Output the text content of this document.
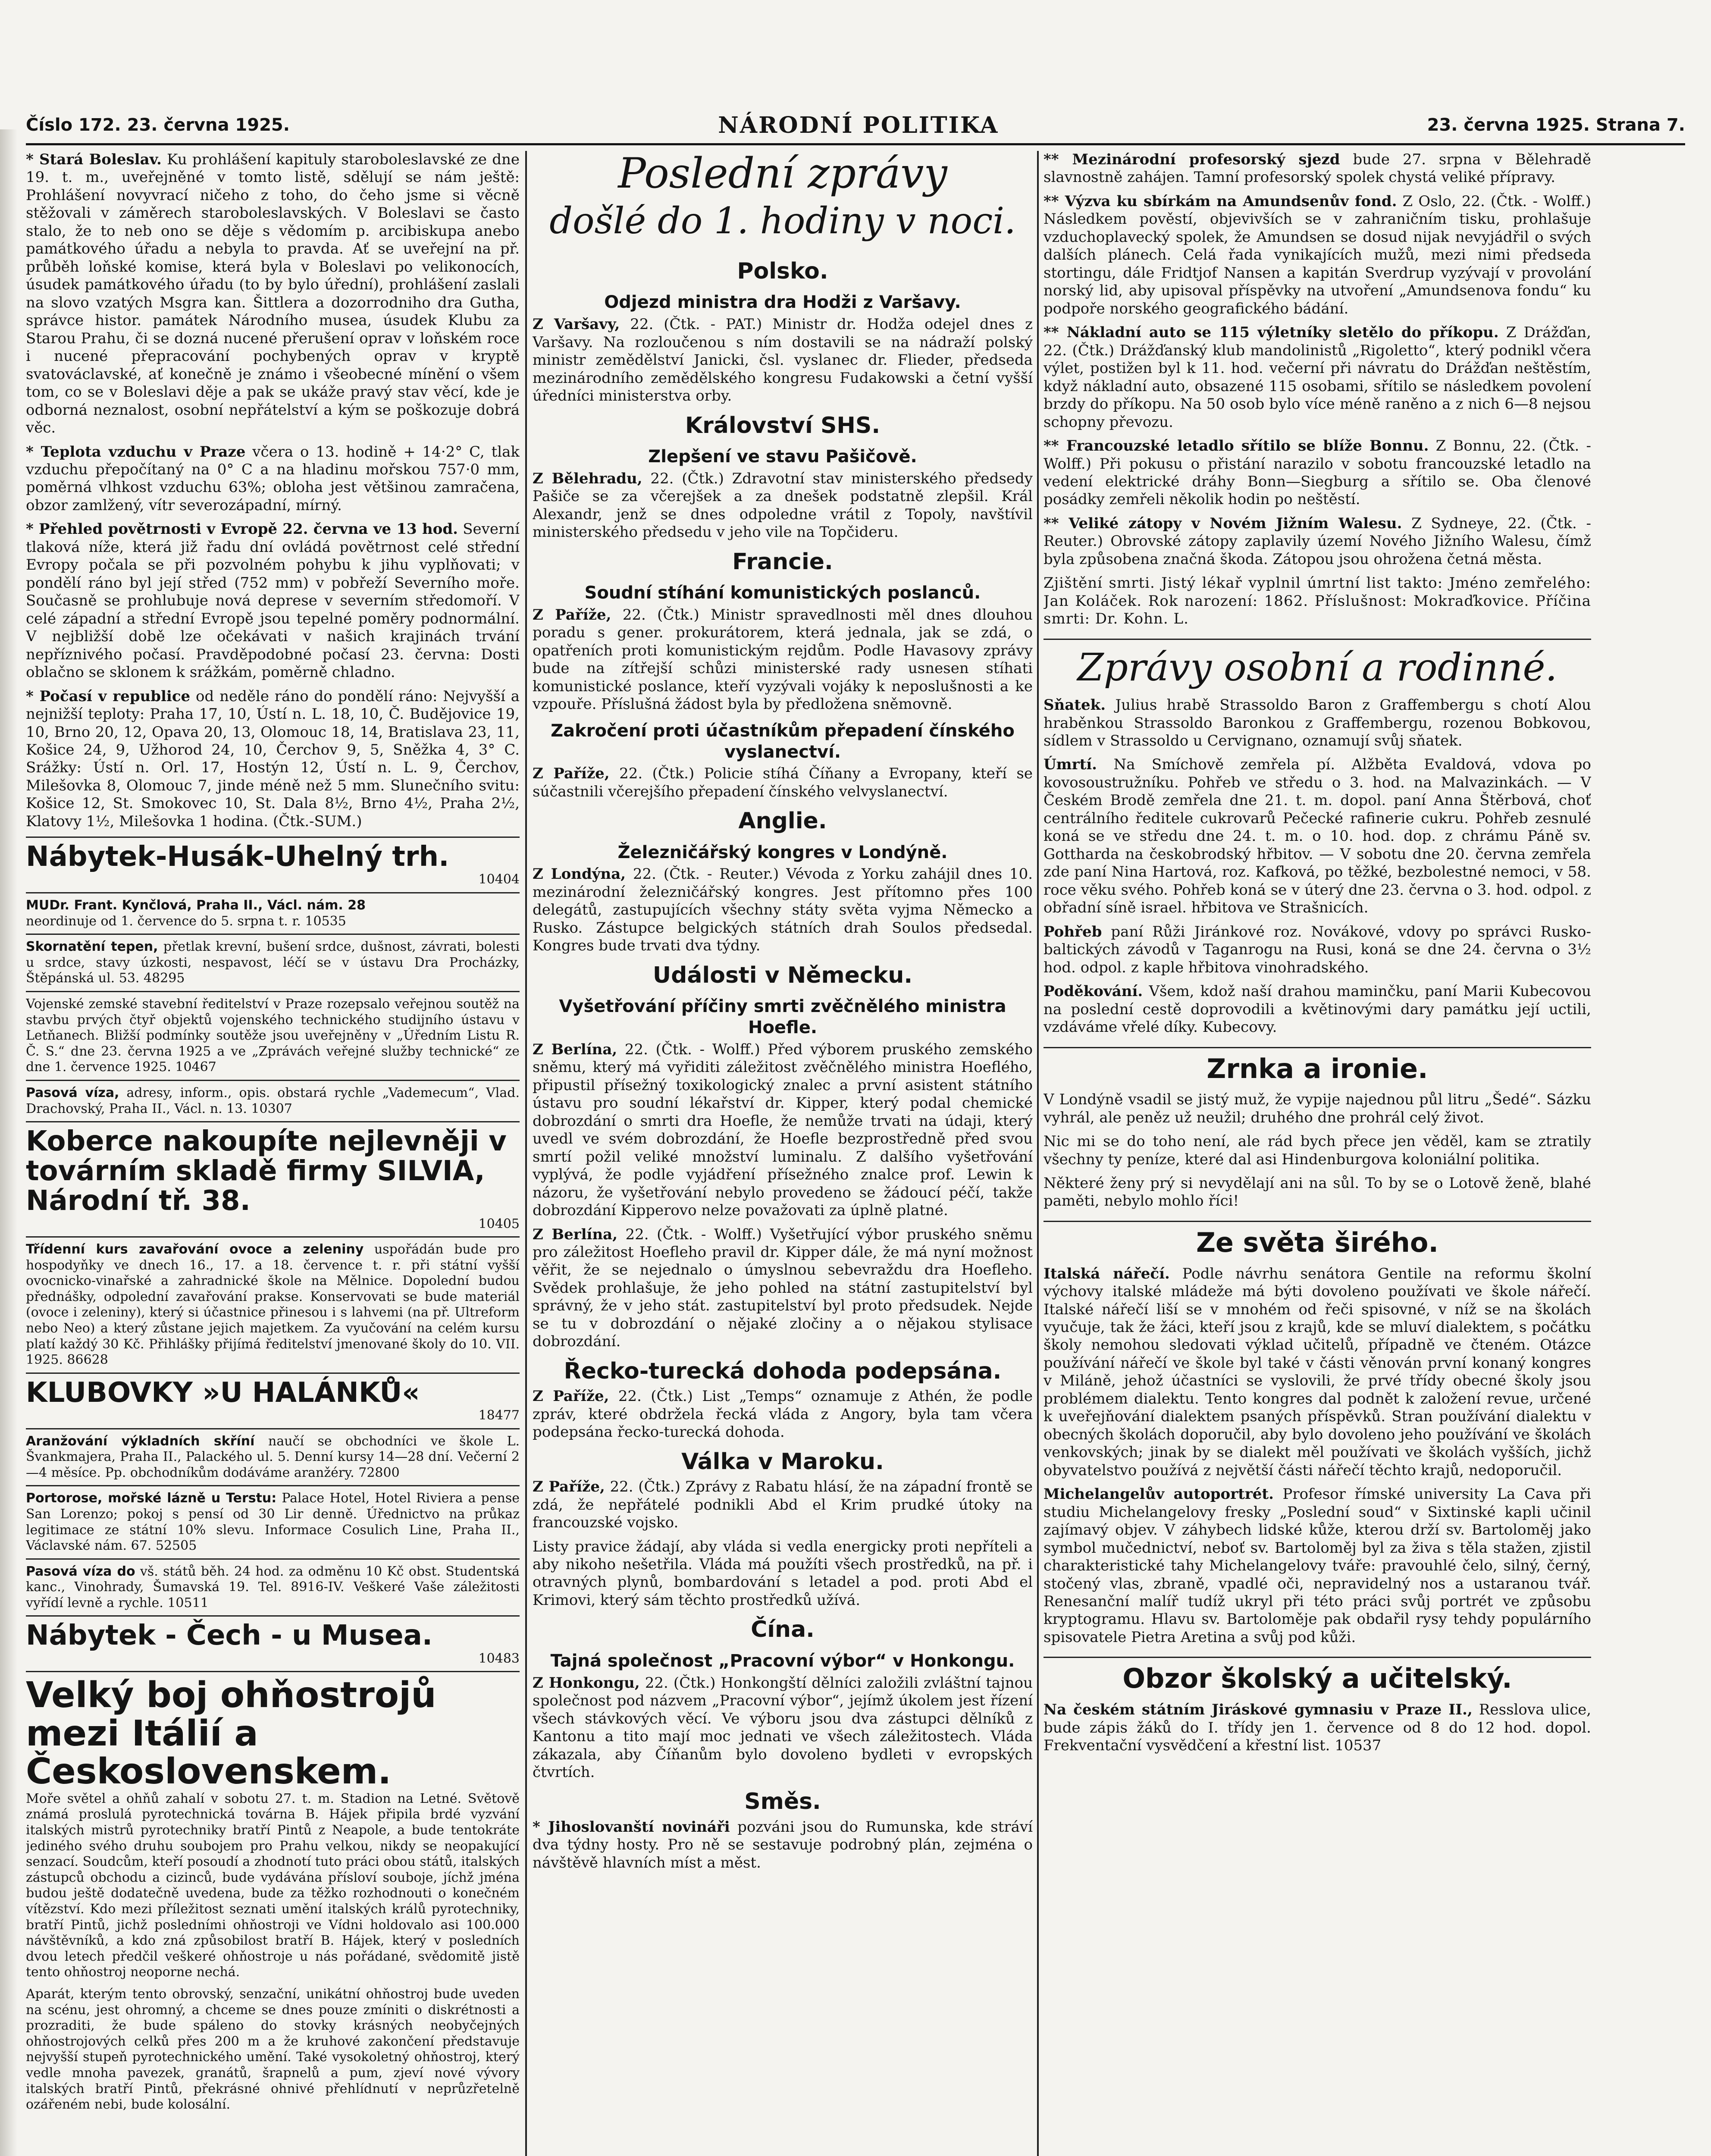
Číslo 172. 23. června 1925.	NÁRODNÍ POLITIKA	23. června 1925. Strana 7.

* Stará Boleslav. Ku prohlášení kapituly staroboleslavské ze dne 19. t. m., uveřejněné v tomto listě, sdělují se nám ještě: Prohlášení novyvrací ničeho z toho, do čeho jsme si věcně stěžovali v záměrech staroboleslavských. V Boleslavi se často stalo, že to neb ono se děje s vědomím p. arcibiskupa anebo památkového úřadu a nebyla to pravda. Ať se uveřejní na př. průběh loňské komise, která byla v Boleslavi po velikonocích, úsudek památkového úřadu (to by bylo úřední), prohlášení zaslali na slovo vzatých Msgra kan. Šittlera a dozorrodniho dra Gutha, správce histor. památek Národního musea, úsudek Klubu za Starou Prahu, či se dozná nucené přerušení oprav v loňském roce i nucené přepracování pochybených oprav v kryptě svatováclavské, ať konečně je známo i všeobecné mínění o všem tom, co se v Boleslavi děje a pak se ukáže pravý stav věcí, kde je odborná neznalost, osobní nepřátelství a kým se poškozuje dobrá věc.

* Teplota vzduchu v Praze včera o 13. hodině + 14·2° C, tlak vzduchu přepočítaný na 0° C a na hladinu mořskou 757·0 mm, poměrná vlhkost vzduchu 63%; obloha jest většinou zamračena, obzor zamlžený, vítr severozápadní, mírný.

* Přehled povětrnosti v Evropě 22. června ve 13 hod. Severní tlaková níže, která již řadu dní ovládá povětrnost celé střední Evropy počala se při pozvolném pohybu k jihu vyplňovati; v pondělí ráno byl její střed (752 mm) v pobřeží Severního moře. Současně se prohlubuje nová deprese v severním středomoří. V celé západní a střední Evropě jsou tepelné poměry podnormální. V nejbližší době lze očekávati v našich krajinách trvání nepříznivého počasí. Pravděpodobné počasí 23. června: Dosti oblačno se sklonem k srážkám, poměrně chladno.

* Počasí v republice od neděle ráno do pondělí ráno: Nejvyšší a nejnižší teploty: Praha 17, 10, Ústí n. L. 18, 10, Č. Budějovice 19, 10, Brno 20, 12, Opava 20, 13, Olomouc 18, 14, Bratislava 23, 11, Košice 24, 9, Užhorod 24, 10, Čerchov 9, 5, Sněžka 4, 3° C. Srážky: Ústí n. Orl. 17, Hostýn 12, Ústí n. L. 9, Čerchov, Milešovka 8, Olomouc 7, jinde méně než 5 mm. Slunečního svitu: Košice 12, St. Smokovec 10, St. Dala 8½, Brno 4½, Praha 2½, Klatovy 1½, Milešovka 1 hodina. (Čtk.-SUM.)

Nábytek-Husák-Uhelný trh.
10404
MUDr. Frant. Kynčlová, Praha II., Václ. nám. 28
neordinuje od 1. července do 5. srpna t. r. 10535
Skornatění tepen, přetlak krevní, bušení srdce, dušnost, závrati, bolesti u srdce, stavy úzkosti, nespavost, léčí se v ústavu Dra Procházky, Štěpánská ul. 53. 48295
Vojenské zemské stavební ředitelství v Praze rozepsalo veřejnou soutěž na stavbu prvých čtyř objektů vojenského technického studijního ústavu v Letňanech. Bližší podmínky soutěže jsou uveřejněny v „Úředním Listu R. Č. S.“ dne 23. června 1925 a ve „Zprávách veřejné služby technické“ ze dne 1. července 1925. 10467
Pasová víza, adresy, inform., opis. obstará rychle „Vademecum“, Vlad. Drachovský, Praha II., Václ. n. 13. 10307
Koberce nakoupíte nejlevněji v továrním skladě firmy SILVIA, Národní tř. 38.
10405
Třídenní kurs zavařování ovoce a zeleniny uspořádán bude pro hospodyňky ve dnech 16., 17. a 18. července t. r. při státní vyšší ovocnicko-vinařské a zahradnické škole na Mělnice. Dopolední budou přednášky, odpolední zavařování prakse. Konservovati se bude materiál (ovoce i zeleniny), který si účastnice přinesou i s lahvemi (na př. Ultreform nebo Neo) a který zůstane jejich majetkem. Za vyučování na celém kursu platí každý 30 Kč. Přihlášky přijímá ředitelství jmenované školy do 10. VII. 1925. 86628
KLUBOVKY »U HALÁNKŮ«
18477
Aranžování výkladních skříní naučí se obchodníci ve škole L. Švankmajera, Praha II., Palackého ul. 5. Denní kursy 14—28 dní. Večerní 2—4 měsíce. Pp. obchodníkům dodáváme aranžéry. 72800
Portorose, mořské lázně u Terstu: Palace Hotel, Hotel Riviera a pense San Lorenzo; pokoj s pensí od 30 Lir denně. Úřednictvo na průkaz legitimace ze státní 10% slevu. Informace Cosulich Line, Praha II., Václavské nám. 67. 52505
Pasová víza do vš. států běh. 24 hod. za odměnu 10 Kč obst. Studentská kanc., Vinohrady, Šumavská 19. Tel. 8916-IV. Veškeré Vaše záležitosti vyřídí levně a rychle. 10511
Nábytek - Čech - u Musea.
10483
Velký boj ohňostrojů mezi Itálií a Československem.

Moře světel a ohňů zahalí v sobotu 27. t. m. Stadion na Letné. Světově známá proslulá pyrotechnická továrna B. Hájek připila brdé vyzvání italských mistrů pyrotechniky bratří Pintů z Neapole, a bude tentokráte jediného svého druhu soubojem pro Prahu velkou, nikdy se neopakující senzací. Soudcům, kteří posoudí a zhodnotí tuto práci obou států, italských zástupců obchodu a cizinců, bude vydávána přísloví souboje, jíchž jména budou ještě dodatečně uvedena, bude za těžko rozhodnouti o konečném vítězství. Kdo mezi příležitost seznati umění italských králů pyrotechniky, bratří Pintů, jichž posledními ohňostroji ve Vídni holdovalo asi 100.000 návštěvníků, a kdo zná způsobilost bratří B. Hájek, který v posledních dvou letech předčil veškeré ohňostroje u nás pořádané, svědomitě jistě tento ohňostroj neoporne nechá.

Aparát, kterým tento obrovský, senzační, unikátní ohňostroj bude uveden na scénu, jest ohromný, a chceme se dnes pouze zmíniti o diskrétnosti a prozraditi, že bude spáleno do stovky krásných neobyčejných ohňostrojových celků přes 200 m a že kruhové zakončení představuje nejvyšší stupeň pyrotechnického umění. Také vysokoletný ohňostroj, který vedle mnoha pavezek, granátů, šrapnelů a pum, zjeví nové vývory italských bratří Pintů, překrásné ohnivé přehlídnutí v neprůzřetelně ozářeném nebi, bude kolosální.

Poslední zprávy
došlé do 1. hodiny v noci.
Polsko.
Odjezd ministra dra Hodži z Varšavy.

Z Varšavy, 22. (Čtk. - PAT.) Ministr dr. Hodža odejel dnes z Varšavy. Na rozloučenou s ním dostavili se na nádraží polský ministr zemědělství Janicki, čsl. vyslanec dr. Flieder, předseda mezinárodního zemědělského kongresu Fudakowski a četní vyšší úředníci ministerstva orby.

Království SHS.
Zlepšení ve stavu Pašičově.

Z Bělehradu, 22. (Čtk.) Zdravotní stav ministerského předsedy Pašiče se za včerejšek a za dnešek podstatně zlepšil. Král Alexandr, jenž se dnes odpoledne vrátil z Topoly, navštívil ministerského předsedu v jeho vile na Topčideru.

Francie.
Soudní stíhání komunistických poslanců.

Z Paříže, 22. (Čtk.) Ministr spravedlnosti měl dnes dlouhou poradu s gener. prokurátorem, která jednala, jak se zdá, o opatřeních proti komunistickým rejdům. Podle Havasovy zprávy bude na zítřejší schůzi ministerské rady usnesen stíhati komunistické poslance, kteří vyzývali vojáky k neposlušnosti a ke vzpouře. Příslušná žádost byla by předložena sněmovně.

Zakročení proti účastníkům přepadení čínského vyslanectví.

Z Paříže, 22. (Čtk.) Policie stíhá Číňany a Evropany, kteří se súčastnili včerejšího přepadení čínského velvyslanectví.

Anglie.
Železničářský kongres v Londýně.

Z Londýna, 22. (Čtk. - Reuter.) Vévoda z Yorku zahájil dnes 10. mezinárodní železničářský kongres. Jest přítomno přes 100 delegátů, zastupujících všechny státy světa vyjma Německo a Rusko. Zástupce belgických státních drah Soulos předsedal. Kongres bude trvati dva týdny.

Události v Německu.
Vyšetřování příčiny smrti zvěčnělého ministra Hoefle.

Z Berlína, 22. (Čtk. - Wolff.) Před výborem pruského zemského sněmu, který má vyřiditi záležitost zvěčnělého ministra Hoeflého, připustil přísežný toxikologický znalec a první asistent státního ústavu pro soudní lékařství dr. Kipper, který podal chemické dobrozdání o smrti dra Hoefle, že nemůže trvati na údaji, který uvedl ve svém dobrozdání, že Hoefle bezprostředně před svou smrtí požil veliké množství luminalu. Z dalšího vyšetřování vyplývá, že podle vyjádření přísežného znalce prof. Lewin k názoru, že vyšetřování nebylo provedeno se žádoucí péčí, takže dobrozdání Kipperovo nelze považovati za úplně platné.

Z Berlína, 22. (Čtk. - Wolff.) Vyšetřující výbor pruského sněmu pro záležitost Hoefleho pravil dr. Kipper dále, že má nyní možnost věřit, že se nejednalo o úmyslnou sebevraždu dra Hoefleho. Svědek prohlašuje, že jeho pohled na státní zastupitelství byl správný, že v jeho stát. zastupitelství byl proto předsudek. Nejde se tu v dobrozdání o nějaké zločiny a o nějakou stylisace dobrozdání.

Řecko-turecká dohoda podepsána.

Z Paříže, 22. (Čtk.) List „Temps“ oznamuje z Athén, že podle zpráv, které obdržela řecká vláda z Angory, byla tam včera podepsána řecko-turecká dohoda.

Válka v Maroku.

Z Paříže, 22. (Čtk.) Zprávy z Rabatu hlásí, že na západní frontě se zdá, že nepřátelé podnikli Abd el Krim prudké útoky na francouzské vojsko.

Listy pravice žádají, aby vláda si vedla energicky proti nepříteli a aby nikoho nešetřila. Vláda má použíti všech prostředků, na př. i otravných plynů, bombardování s letadel a pod. proti Abd el Krimovi, který sám těchto prostředků užívá.

Čína.
Tajná společnost „Pracovní výbor“ v Honkongu.

Z Honkongu, 22. (Čtk.) Honkongští dělníci založili zvláštní tajnou společnost pod názvem „Pracovní výbor“, jejímž úkolem jest řízení všech stávkových věcí. Ve výboru jsou dva zástupci dělníků z Kantonu a tito mají moc jednati ve všech záležitostech. Vláda zákazala, aby Číňanům bylo dovoleno bydleti v evropských čtvrtích.

Směs.

* Jihoslovanští novináři pozváni jsou do Rumunska, kde stráví dva týdny hosty. Pro ně se sestavuje podrobný plán, zejména o návštěvě hlavních míst a měst.

** Mezinárodní profesorský sjezd bude 27. srpna v Bělehradě slavnostně zahájen. Tamní profesorský spolek chystá veliké přípravy.

** Výzva ku sbírkám na Amundsenův fond. Z Oslo, 22. (Čtk. - Wolff.) Následkem pověstí, objevivších se v zahraničním tisku, prohlašuje vzduchoplavecký spolek, že Amundsen se dosud nijak nevyjádřil o svých dalších plánech. Celá řada vynikajících mužů, mezi nimi předseda stortingu, dále Fridtjof Nansen a kapitán Sverdrup vyzývají v provolání norský lid, aby upisoval příspěvky na utvoření „Amundsenova fondu“ ku podpoře norského geografického bádání.

** Nákladní auto se 115 výletníky sletělo do příkopu. Z Drážďan, 22. (Čtk.) Drážďanský klub mandolinistů „Rigoletto“, který podnikl včera výlet, postižen byl k 11. hod. večerní při návratu do Drážďan neštěstím, když nákladní auto, obsazené 115 osobami, sřítilo se následkem povolení brzdy do příkopu. Na 50 osob bylo více méně raněno a z nich 6—8 nejsou schopny převozu.

** Francouzské letadlo sřítilo se blíže Bonnu. Z Bonnu, 22. (Čtk. - Wolff.) Při pokusu o přistání narazilo v sobotu francouzské letadlo na vedení elektrické dráhy Bonn—Siegburg a sřítilo se. Oba členové posádky zemřeli několik hodin po neštěstí.

** Veliké zátopy v Novém Jižním Walesu. Z Sydneye, 22. (Čtk. - Reuter.) Obrovské zátopy zaplavily území Nového Jižního Walesu, čímž byla způsobena značná škoda. Zátopou jsou ohrožena četná města.

Zjištění smrti. Jistý lékař vyplnil úmrtní list takto: Jméno zemřelého: Jan Koláček. Rok narození: 1862. Příslušnost: Mokraďkovice. Příčina smrti: Dr. Kohn. L.

Zprávy osobní a rodinné.

Sňatek. Julius hrabě Strassoldo Baron z Graffembergu s chotí Alou hraběnkou Strassoldo Baronkou z Graffembergu, rozenou Bobkovou, sídlem v Strassoldo u Cervignano, oznamují svůj sňatek.

Úmrtí. Na Smíchově zemřela pí. Alžběta Evaldová, vdova po kovosoustružníku. Pohřeb ve středu o 3. hod. na Malvazinkách. — V Českém Brodě zemřela dne 21. t. m. dopol. paní Anna Štěrbová, choť centrálního ředitele cukrovarů Pečecké rafinerie cukru. Pohřeb zesnulé koná se ve středu dne 24. t. m. o 10. hod. dop. z chrámu Páně sv. Gottharda na českobrodský hřbitov. — V sobotu dne 20. června zemřela zde paní Nina Hartová, roz. Kafková, po těžké, bezbolestné nemoci, v 58. roce věku svého. Pohřeb koná se v úterý dne 23. června o 3. hod. odpol. z obřadní síně israel. hřbitova ve Strašnicích.

Pohřeb paní Růži Jiránkové roz. Novákové, vdovy po správci Rusko-baltických závodů v Taganrogu na Rusi, koná se dne 24. června o 3½ hod. odpol. z kaple hřbitova vinohradského.

Poděkování. Všem, kdož naší drahou maminčku, paní Marii Kubecovou na poslední cestě doprovodili a květinovými dary památku její uctili, vzdáváme vřelé díky. Kubecovy.

Zrnka a ironie.

V Londýně vsadil se jistý muž, že vypije najednou půl litru „Šedé“. Sázku vyhrál, ale peněz už neužil; druhého dne prohrál celý život.

Nic mi se do toho není, ale rád bych přece jen věděl, kam se ztratily všechny ty peníze, které dal asi Hindenburgova koloniální politika.

Některé ženy prý si nevydělají ani na sůl. To by se o Lotově ženě, blahé paměti, nebylo mohlo říci!

Ze světa širého.

Italská nářečí. Podle návrhu senátora Gentile na reformu školní výchovy italské mládeže má býti dovoleno používati ve škole nářečí. Italské nářečí liší se v mnohém od řeči spisovné, v níž se na školách vyučuje, tak že žáci, kteří jsou z krajů, kde se mluví dialektem, s počátku školy nemohou sledovati výklad učitelů, případně ve čteném. Otázce používání nářečí ve škole byl také v části věnován první konaný kongres v Miláně, jehož účastníci se vyslovili, že prvé třídy obecné školy jsou problémem dialektu. Tento kongres dal podnět k založení revue, určené k uveřejňování dialektem psaných příspěvků. Stran používání dialektu v obecných školách doporučil, aby bylo dovoleno jeho používání ve školách venkovských; jinak by se dialekt měl používati ve školách vyšších, jichž obyvatelstvo používá z největší části nářečí těchto krajů, nedoporučil.

Michelangelův autoportrét. Profesor římské university La Cava při studiu Michelangelovy fresky „Poslední soud“ v Sixtinské kapli učinil zajímavý objev. V záhybech lidské kůže, kterou drží sv. Bartoloměj jako symbol mučednictví, neboť sv. Bartoloměj byl za živa s těla stažen, zjistil charakteristické tahy Michelangelovy tváře: pravouhlé čelo, silný, černý, stočený vlas, zbraně, vpadlé oči, nepravidelný nos a ustaranou tvář. Renesanční malíř tudíž ukryl při této práci svůj portrét ve způsobu kryptogramu. Hlavu sv. Bartoloměje pak obdařil rysy tehdy populárního spisovatele Pietra Aretina a svůj pod kůži.

Obzor školský a učitelský.

Na českém státním Jiráskové gymnasiu v Praze II., Resslova ulice, bude zápis žáků do I. třídy jen 1. července od 8 do 12 hod. dopol. Frekventační vysvědčení a křestní list. 10537
